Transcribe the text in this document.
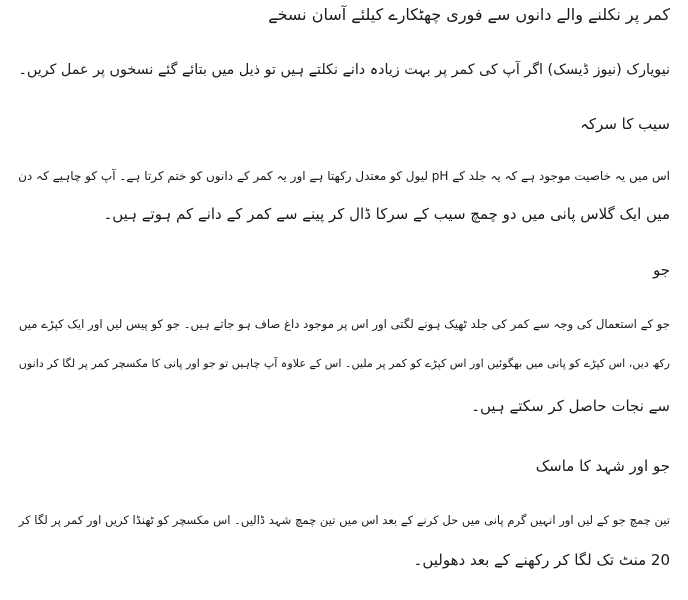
کمر پر نکلنے والے دانوں سے فوری چھٹکارے کیلئے آسان نسخے

نیویارک (نیوز ڈیسک) اگر آپ کی کمر پر بہت زیادہ دانے نکلتے ہیں تو ذیل میں بتائے گئے نسخوں پر عمل کریں۔

سیب کا سرکہ

اس میں یہ خاصیت موجود ہے کہ یہ جلد کے pH لیول کو معتدل رکھتا ہے اور یہ کمر کے دانوں کو ختم کرتا ہے۔ آپ کو چاہیے کہ دن

میں ایک گلاس پانی میں دو چمچ سیب کے سرکا ڈال کر پینے سے کمر کے دانے کم ہوتے ہیں۔

جو

جو کے استعمال کی وجہ سے کمر کی جلد ٹھیک ہونے لگتی اور اس پر موجود داغ صاف ہو جاتے ہیں۔ جو کو پیس لیں اور ایک کپڑے میں

رکھ دیں، اس کپڑے کو پانی میں بھگوئیں اور اس کپڑے کو کمر پر ملیں۔ اس کے علاوہ آپ چاہیں تو جو اور پانی کا مکسچر کمر پر لگا کر دانوں

سے نجات حاصل کر سکتے ہیں۔

جو اور شہد کا ماسک

تین چمچ جو کے لیں اور انہیں گرم پانی میں حل کرنے کے بعد اس میں تین چمچ شہد ڈالیں۔ اس مکسچر کو ٹھنڈا کریں اور کمر پر لگا کر

20 منٹ تک لگا کر رکھنے کے بعد دھولیں۔
